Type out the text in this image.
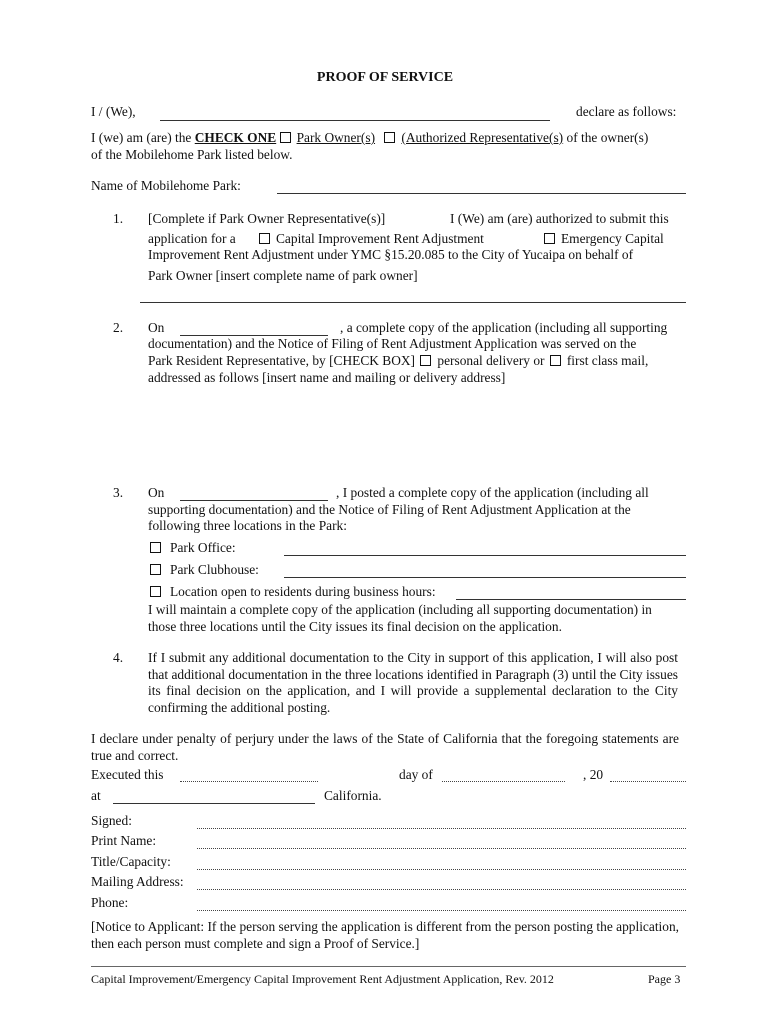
PROOF OF SERVICE
I / (We),	declare as follows:
I (we) am (are) the CHECK ONE Park Owner(s) (Authorized Representative(s) of the owner(s)
of the Mobilehome Park listed below.
Name of Mobilehome Park:
1. [Complete if Park Owner Representative(s)]	I (We) am (are) authorized to submit this
application for a	Capital Improvement Rent Adjustment	Emergency Capital
Improvement Rent Adjustment under YMC §15.20.085 to the City of Yucaipa on behalf of
Park Owner [insert complete name of park owner]
2. On	, a complete copy of the application (including all supporting
documentation) and the Notice of Filing of Rent Adjustment Application was served on the
Park Resident Representative, by [CHECK BOX] personal delivery or first class mail,
addressed as follows [insert name and mailing or delivery address]
3. On	, I posted a complete copy of the application (including all
supporting documentation) and the Notice of Filing of Rent Adjustment Application at the
following three locations in the Park:
Park Office:
Park Clubhouse:
Location open to residents during business hours:
I will maintain a complete copy of the application (including all supporting documentation) in
those three locations until the City issues its final decision on the application.
4. If I submit any additional documentation to the City in support of this application, I will also post that additional documentation in the three locations identified in Paragraph (3) until the City issues its final decision on the application, and I will provide a supplemental declaration to the City confirming the additional posting.
I declare under penalty of perjury under the laws of the State of California that the foregoing statements are true and correct.
Executed this	day of	, 20
at	California.
Signed:
Print Name:
Title/Capacity:
Mailing Address:
Phone:
[Notice to Applicant: If the person serving the application is different from the person posting the application, then each person must complete and sign a Proof of Service.]
Capital Improvement/Emergency Capital Improvement Rent Adjustment Application, Rev. 2012	Page 3
